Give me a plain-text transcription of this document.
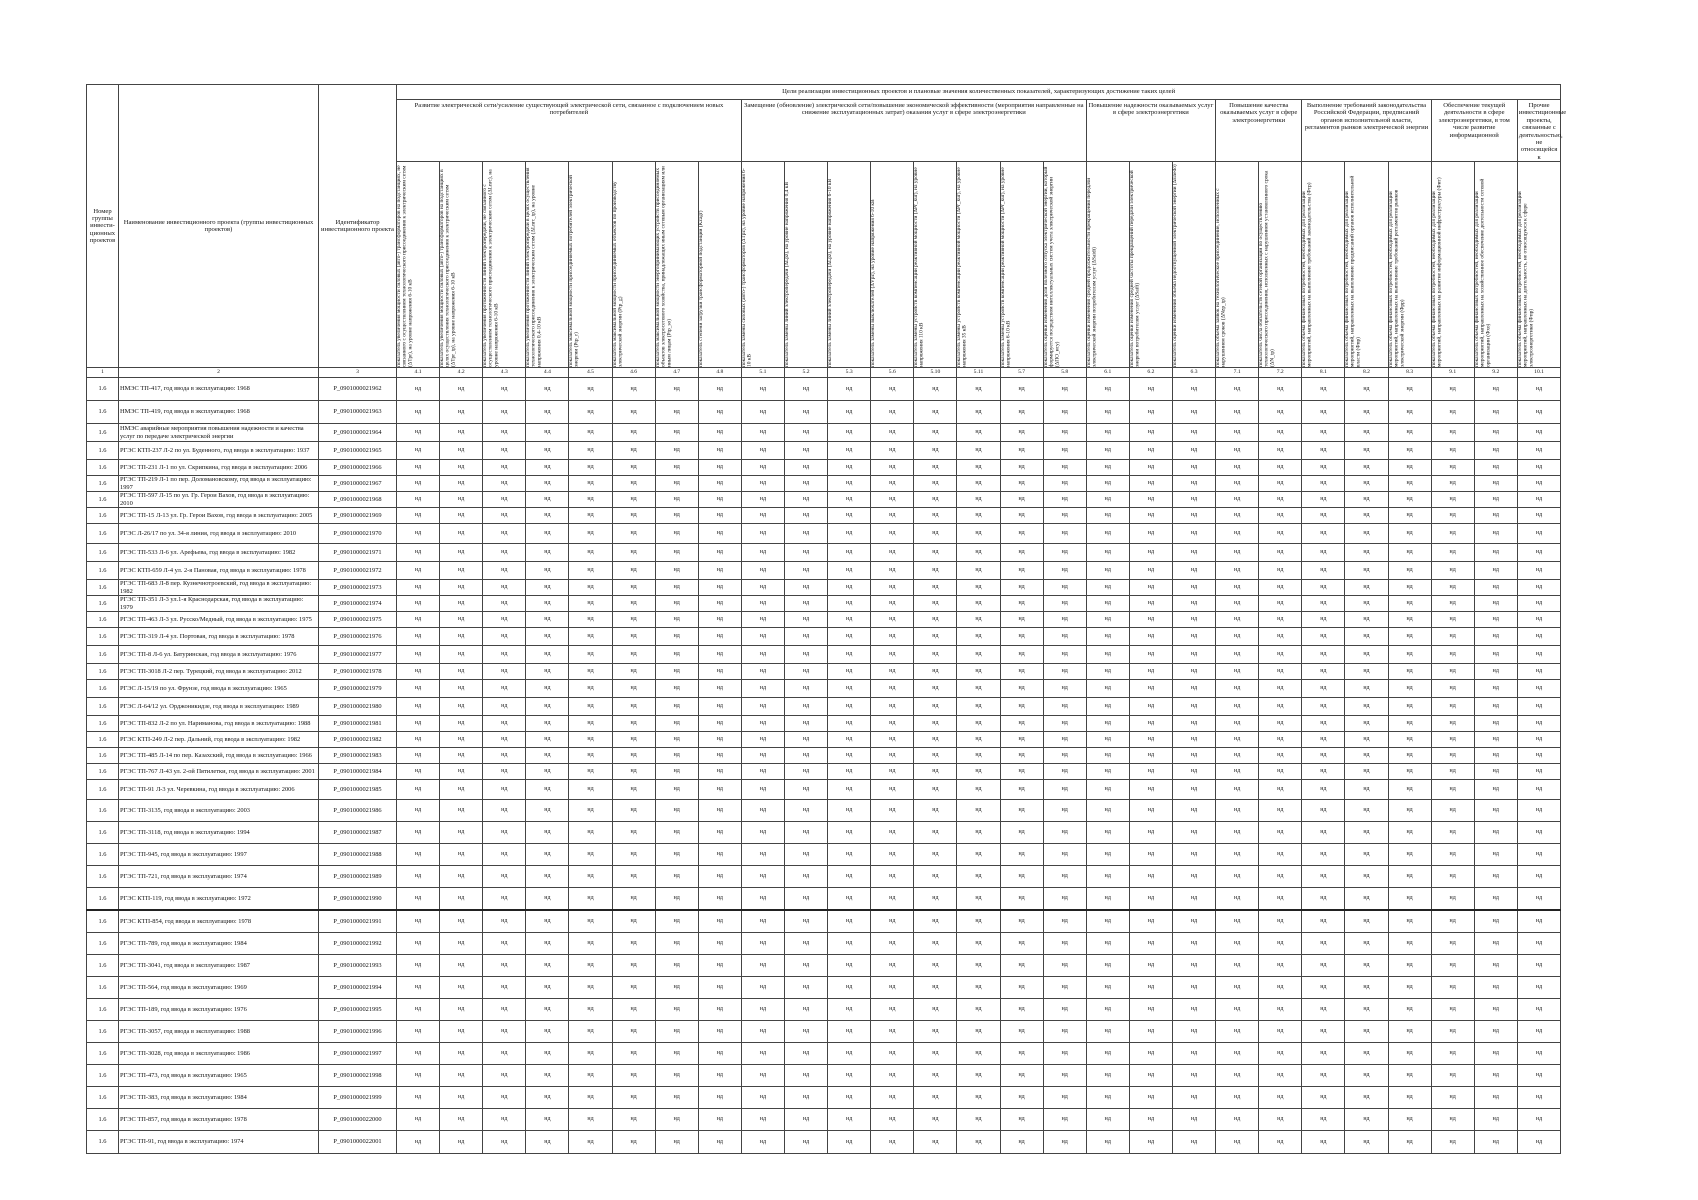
Номер группы инвести-ционных проектов	Наименование инвестиционного проекта (группы инвестиционных проектов)	Идентификатор инвестиционного проекта	Цели реализации инвестиционных проектов и плановые значения количественных показателей, характеризующих достижение таких целей																										
			Развитие электрической сети/усиление существующей электрической сети, связанное с подключением новых потребителей								Замещение (обновление) электрической сети/повышение экономической эффективности (мероприятия направленные на снижение эксплуатационных затрат) оказания услуг в сфере электроэнергетики								Повышение надежности оказываемых услуг в сфере электроэнергетики			Повышение качества оказываемых услуг в сфере электроэнергетики		Выполнение требований законодательства Российской Федерации, предписаний органов исполнительной власти, регламентов рынков электрической энергии			Обеспечение текущей деятельности в сфере электроэнергетики, в том числе развитие информационной		Прочие инвестиционные проекты, связанные с деятельностью, не относящейся к

			показатель увеличения мощности силовых (авто-) трансформаторов на подстанциях, не связанного с осуществлением технологического присоединения к электрическим сетям (ΔTpr), на уровне напряжения 6-10 кВ	показатель увеличения мощности силовых (авто-) трансформаторов на подстанциях в целях осуществления технологического присоединения к электрическим сетям (ΔTpr_tp), на уровне напряжения 6-10 кВ	показатель увеличения протяженности линий электропередачи, не связанного с осуществлением технологического присоединения к электрическим сетям (ΔLnrc), на уровне напряжения 6-10 кВ	показатель увеличения протяженности линий электропередачи в целях осуществления технологического присоединения к электрическим сетям (ΔLnrc_tp), на уровне напряжения 0,4-10 кВ	показатель максимальной мощности присоединяемых потребителей электрической энергии (Ptp_r)	показатель максимальной мощности присоединяемых объектов по производству электрической энергии (Ptp_g)	показатель максимальной мощности энергопринимающих устройств присоединяемых объектов электросетевого хозяйства, принадлежащих иным сетевым организациям или иным лицам (Ptp_so)	показатель степени загрузки трансформаторной подстанции (Kzagr)	показатель замены силовых (авто-) трансформаторов (ΔTpz), на уровне напряжения 6-10 кВ	показатель замены линий электропередачи (ΔLpz), на уровне напряжения 0,4 кВ	показатель замены линий электропередачи (ΔLpz), на уровне напряжения 6-10 кВ	показатель замены выключателей (ΔVpz), на уровне напряжения 6-10 кВ	показатель замены устройств компенсации реактивной мощности (ΔPr_kur), на уровне напряжения 110 кВ	показатель замены устройств компенсации реактивной мощности (ΔPr_kur), на уровне напряжения 35 кВ	показатель замены устройств компенсации реактивной мощности (ΔPr_kur), на уровне напряжения 6-10 кВ	показатель оценки изменения доли полезного отпуска электрической энергии, который формируется посредством интеллектуальных систем учета электрической энергии (ΔПО_ису)	показатель оценки изменения средней продолжительности прекращения передачи электрической энергии потребителям услуг (ΔSaidi)	показатель оценки изменения средней частоты прекращений передачи электрической энергии потребителям услуг (ΔSaifi)	показатель оценки изменения объема недоотпущенной электрической энергии (ΔEnedo)	показатель объема заявок на технологическое присоединение, исполненных с нарушением сроков (ΔNzp_tp)	показатель числа обязательств сетевой организации по осуществлению технологического присоединения, исполненных с нарушением установленного срока (ΔN_tp)	показатель объема финансовых потребностей, необходимых для реализации мероприятий, направленных на выполнение требований законодательства (Фтр)	показатель объема финансовых потребностей, необходимых для реализации мероприятий, направленных на выполнение предписаний органов исполнительной власти (Фпр)	показатель объема финансовых потребностей, необходимых для реализации мероприятий, направленных на выполнение требований регламентов рынков электрической энергии (Фрр)	показатель объема финансовых потребностей, необходимых для реализации мероприятий, направленных на развитие информационной инфраструктуры (Фит)	показатель объема финансовых потребностей, необходимых для реализации мероприятий, направленных на хозяйственное обеспечение деятельности сетевой организации (Фхо)	показатель объема финансовых потребностей, необходимых для реализации мероприятий, направленных на деятельность, не относящуюся к сфере электроэнергетики (Фпр)

1	2	3	4.1	4.2	4.3	4.4	4.5	4.6	4.7	4.8	5.1	5.2	5.3	5.6	5.10	5.11	5.7	5.8	6.1	6.2	6.3	7.1	7.2	8.1	8.2	8.3	9.1	9.2	10.1
1.6	НМЭС ТП-417, год ввода в эксплуатацию: 1968	P_0901000021962	нд	нд	нд	нд	нд	нд	нд	нд	нд	нд	нд	нд	нд	нд	нд	нд	нд	нд	нд	нд	нд	нд	нд	нд	нд	нд	нд
1.6	НМЭС ТП-419, год ввода в эксплуатацию: 1968	P_0901000021963	нд	нд	нд	нд	нд	нд	нд	нд	нд	нд	нд	нд	нд	нд	нд	нд	нд	нд	нд	нд	нд	нд	нд	нд	нд	нд	нд
1.6	НМЭС аварийные мероприятия повышения надежности и качества услуг по передаче электрической энергии	P_0901000021964	нд	нд	нд	нд	нд	нд	нд	нд	нд	нд	нд	нд	нд	нд	нд	нд	нд	нд	нд	нд	нд	нд	нд	нд	нд	нд	нд
1.6	РГЭС КТП-237 Л-2 по ул. Буденного, год ввода в эксплуатацию: 1937	P_0901000021965	нд	нд	нд	нд	нд	нд	нд	нд	нд	нд	нд	нд	нд	нд	нд	нд	нд	нд	нд	нд	нд	нд	нд	нд	нд	нд	нд
1.6	РГЭС ТП-231 Л-1 по ул. Скрипкина, год ввода в эксплуатацию: 2006	P_0901000021966	нд	нд	нд	нд	нд	нд	нд	нд	нд	нд	нд	нд	нд	нд	нд	нд	нд	нд	нд	нд	нд	нд	нд	нд	нд	нд	нд
1.6	РГЭС ТП-219 Л-1 по пер. Доломановскому, год ввода в эксплуатацию: 1997	P_0901000021967	нд	нд	нд	нд	нд	нд	нд	нд	нд	нд	нд	нд	нд	нд	нд	нд	нд	нд	нд	нд	нд	нд	нд	нд	нд	нд	нд
1.6	РГЭС ТП-597 Л-15 по ул. Гр. Герои Вахов, год ввода в эксплуатацию: 2010	P_0901000021968	нд	нд	нд	нд	нд	нд	нд	нд	нд	нд	нд	нд	нд	нд	нд	нд	нд	нд	нд	нд	нд	нд	нд	нд	нд	нд	нд
1.6	РГЭС ТП-15 Л-13 ул. Гр. Герои Вахов, год ввода в эксплуатацию: 2005	P_0901000021969	нд	нд	нд	нд	нд	нд	нд	нд	нд	нд	нд	нд	нд	нд	нд	нд	нд	нд	нд	нд	нд	нд	нд	нд	нд	нд	нд
1.6	РГЭС Л-26/17 по ул. 34-я линия, год ввода в эксплуатацию: 2010	P_0901000021970	нд	нд	нд	нд	нд	нд	нд	нд	нд	нд	нд	нд	нд	нд	нд	нд	нд	нд	нд	нд	нд	нд	нд	нд	нд	нд	нд
1.6	РГЭС ТП-533 Л-6 ул. Арефьева, год ввода в эксплуатацию: 1982	P_0901000021971	нд	нд	нд	нд	нд	нд	нд	нд	нд	нд	нд	нд	нд	нд	нд	нд	нд	нд	нд	нд	нд	нд	нд	нд	нд	нд	нд
1.6	РГЭС КТП-659 Л-4 ул. 2-я Пановая, год ввода в эксплуатацию: 1978	P_0901000021972	нд	нд	нд	нд	нд	нд	нд	нд	нд	нд	нд	нд	нд	нд	нд	нд	нд	нд	нд	нд	нд	нд	нд	нд	нд	нд	нд
1.6	РГЭС ТП-683 Л-8 пер. Кузнечнотроевский, год ввода в эксплуатацию: 1982	P_0901000021973	нд	нд	нд	нд	нд	нд	нд	нд	нд	нд	нд	нд	нд	нд	нд	нд	нд	нд	нд	нд	нд	нд	нд	нд	нд	нд	нд
1.6	РГЭС ТП-351 Л-3 ул.1-я Краснодарская, год ввода в эксплуатацию: 1979	P_0901000021974	нд	нд	нд	нд	нд	нд	нд	нд	нд	нд	нд	нд	нд	нд	нд	нд	нд	нд	нд	нд	нд	нд	нд	нд	нд	нд	нд
1.6	РГЭС ТП-463 Л-3 ул. Русско/Медный, год ввода в эксплуатацию: 1975	P_0901000021975	нд	нд	нд	нд	нд	нд	нд	нд	нд	нд	нд	нд	нд	нд	нд	нд	нд	нд	нд	нд	нд	нд	нд	нд	нд	нд	нд
1.6	РГЭС ТП-319 Л-4 ул. Портовая, год ввода в эксплуатацию: 1978	P_0901000021976	нд	нд	нд	нд	нд	нд	нд	нд	нд	нд	нд	нд	нд	нд	нд	нд	нд	нд	нд	нд	нд	нд	нд	нд	нд	нд	нд
1.6	РГЭС ТП-8 Л-6 ул. Батуринская, год ввода в эксплуатацию: 1976	P_0901000021977	нд	нд	нд	нд	нд	нд	нд	нд	нд	нд	нд	нд	нд	нд	нд	нд	нд	нд	нд	нд	нд	нд	нд	нд	нд	нд	нд
1.6	РГЭС ТП-3018 Л-2 пер. Турецкий, год ввода в эксплуатацию: 2012	P_0901000021978	нд	нд	нд	нд	нд	нд	нд	нд	нд	нд	нд	нд	нд	нд	нд	нд	нд	нд	нд	нд	нд	нд	нд	нд	нд	нд	нд
1.6	РГЭС Л-15/19 по ул. Фрунзе, год ввода в эксплуатацию: 1965	P_0901000021979	нд	нд	нд	нд	нд	нд	нд	нд	нд	нд	нд	нд	нд	нд	нд	нд	нд	нд	нд	нд	нд	нд	нд	нд	нд	нд	нд
1.6	РГЭС Л-64/12 ул. Орджоникидзе, год ввода в эксплуатацию: 1989	P_0901000021980	нд	нд	нд	нд	нд	нд	нд	нд	нд	нд	нд	нд	нд	нд	нд	нд	нд	нд	нд	нд	нд	нд	нд	нд	нд	нд	нд
1.6	РГЭС ТП-832 Л-2 по ул. Нариманова, год ввода в эксплуатацию: 1988	P_0901000021981	нд	нд	нд	нд	нд	нд	нд	нд	нд	нд	нд	нд	нд	нд	нд	нд	нд	нд	нд	нд	нд	нд	нд	нд	нд	нд	нд
1.6	РГЭС КТП-249 Л-2 пер. Дальний, год ввода в эксплуатацию: 1982	P_0901000021982	нд	нд	нд	нд	нд	нд	нд	нд	нд	нд	нд	нд	нд	нд	нд	нд	нд	нд	нд	нд	нд	нд	нд	нд	нд	нд	нд
1.6	РГЭС ТП-485 Л-14 по пер. Казахский, год ввода в эксплуатацию: 1966	P_0901000021983	нд	нд	нд	нд	нд	нд	нд	нд	нд	нд	нд	нд	нд	нд	нд	нд	нд	нд	нд	нд	нд	нд	нд	нд	нд	нд	нд
1.6	РГЭС ТП-767 Л-43 ул. 2-ой Пятилетки, год ввода в эксплуатацию: 2001	P_0901000021984	нд	нд	нд	нд	нд	нд	нд	нд	нд	нд	нд	нд	нд	нд	нд	нд	нд	нд	нд	нд	нд	нд	нд	нд	нд	нд	нд
1.6	РГЭС ТП-91 Л-3 ул. Черевкина, год ввода в эксплуатацию: 2006	P_0901000021985	нд	нд	нд	нд	нд	нд	нд	нд	нд	нд	нд	нд	нд	нд	нд	нд	нд	нд	нд	нд	нд	нд	нд	нд	нд	нд	нд
1.6	РГЭС ТП-3135, год ввода в эксплуатацию: 2003	P_0901000021986	нд	нд	нд	нд	нд	нд	нд	нд	нд	нд	нд	нд	нд	нд	нд	нд	нд	нд	нд	нд	нд	нд	нд	нд	нд	нд	нд
1.6	РГЭС ТП-3118, год ввода в эксплуатацию: 1994	P_0901000021987	нд	нд	нд	нд	нд	нд	нд	нд	нд	нд	нд	нд	нд	нд	нд	нд	нд	нд	нд	нд	нд	нд	нд	нд	нд	нд	нд
1.6	РГЭС ТП-945, год ввода в эксплуатацию: 1997	P_0901000021988	нд	нд	нд	нд	нд	нд	нд	нд	нд	нд	нд	нд	нд	нд	нд	нд	нд	нд	нд	нд	нд	нд	нд	нд	нд	нд	нд
1.6	РГЭС ТП-721, год ввода в эксплуатацию: 1974	P_0901000021989	нд	нд	нд	нд	нд	нд	нд	нд	нд	нд	нд	нд	нд	нд	нд	нд	нд	нд	нд	нд	нд	нд	нд	нд	нд	нд	нд
1.6	РГЭС КТП-119, год ввода в эксплуатацию: 1972	P_0901000021990	нд	нд	нд	нд	нд	нд	нд	нд	нд	нд	нд	нд	нд	нд	нд	нд	нд	нд	нд	нд	нд	нд	нд	нд	нд	нд	нд
1.6	РГЭС КТП-854, год ввода в эксплуатацию: 1978	P_0901000021991	нд	нд	нд	нд	нд	нд	нд	нд	нд	нд	нд	нд	нд	нд	нд	нд	нд	нд	нд	нд	нд	нд	нд	нд	нд	нд	нд
1.6	РГЭС ТП-789, год ввода в эксплуатацию: 1984	P_0901000021992	нд	нд	нд	нд	нд	нд	нд	нд	нд	нд	нд	нд	нд	нд	нд	нд	нд	нд	нд	нд	нд	нд	нд	нд	нд	нд	нд
1.6	РГЭС ТП-3041, год ввода в эксплуатацию: 1987	P_0901000021993	нд	нд	нд	нд	нд	нд	нд	нд	нд	нд	нд	нд	нд	нд	нд	нд	нд	нд	нд	нд	нд	нд	нд	нд	нд	нд	нд
1.6	РГЭС ТП-564, год ввода в эксплуатацию: 1969	P_0901000021994	нд	нд	нд	нд	нд	нд	нд	нд	нд	нд	нд	нд	нд	нд	нд	нд	нд	нд	нд	нд	нд	нд	нд	нд	нд	нд	нд
1.6	РГЭС ТП-189, год ввода в эксплуатацию: 1976	P_0901000021995	нд	нд	нд	нд	нд	нд	нд	нд	нд	нд	нд	нд	нд	нд	нд	нд	нд	нд	нд	нд	нд	нд	нд	нд	нд	нд	нд
1.6	РГЭС ТП-3057, год ввода в эксплуатацию: 1988	P_0901000021996	нд	нд	нд	нд	нд	нд	нд	нд	нд	нд	нд	нд	нд	нд	нд	нд	нд	нд	нд	нд	нд	нд	нд	нд	нд	нд	нд
1.6	РГЭС ТП-3028, год ввода в эксплуатацию: 1986	P_0901000021997	нд	нд	нд	нд	нд	нд	нд	нд	нд	нд	нд	нд	нд	нд	нд	нд	нд	нд	нд	нд	нд	нд	нд	нд	нд	нд	нд
1.6	РГЭС ТП-473, год ввода в эксплуатацию: 1965	P_0901000021998	нд	нд	нд	нд	нд	нд	нд	нд	нд	нд	нд	нд	нд	нд	нд	нд	нд	нд	нд	нд	нд	нд	нд	нд	нд	нд	нд
1.6	РГЭС ТП-383, год ввода в эксплуатацию: 1984	P_0901000021999	нд	нд	нд	нд	нд	нд	нд	нд	нд	нд	нд	нд	нд	нд	нд	нд	нд	нд	нд	нд	нд	нд	нд	нд	нд	нд	нд
1.6	РГЭС ТП-857, год ввода в эксплуатацию: 1978	P_0901000022000	нд	нд	нд	нд	нд	нд	нд	нд	нд	нд	нд	нд	нд	нд	нд	нд	нд	нд	нд	нд	нд	нд	нд	нд	нд	нд	нд
1.6	РГЭС ТП-91, год ввода в эксплуатацию: 1974	P_0901000022001	нд	нд	нд	нд	нд	нд	нд	нд	нд	нд	нд	нд	нд	нд	нд	нд	нд	нд	нд	нд	нд	нд	нд	нд	нд	нд	нд
